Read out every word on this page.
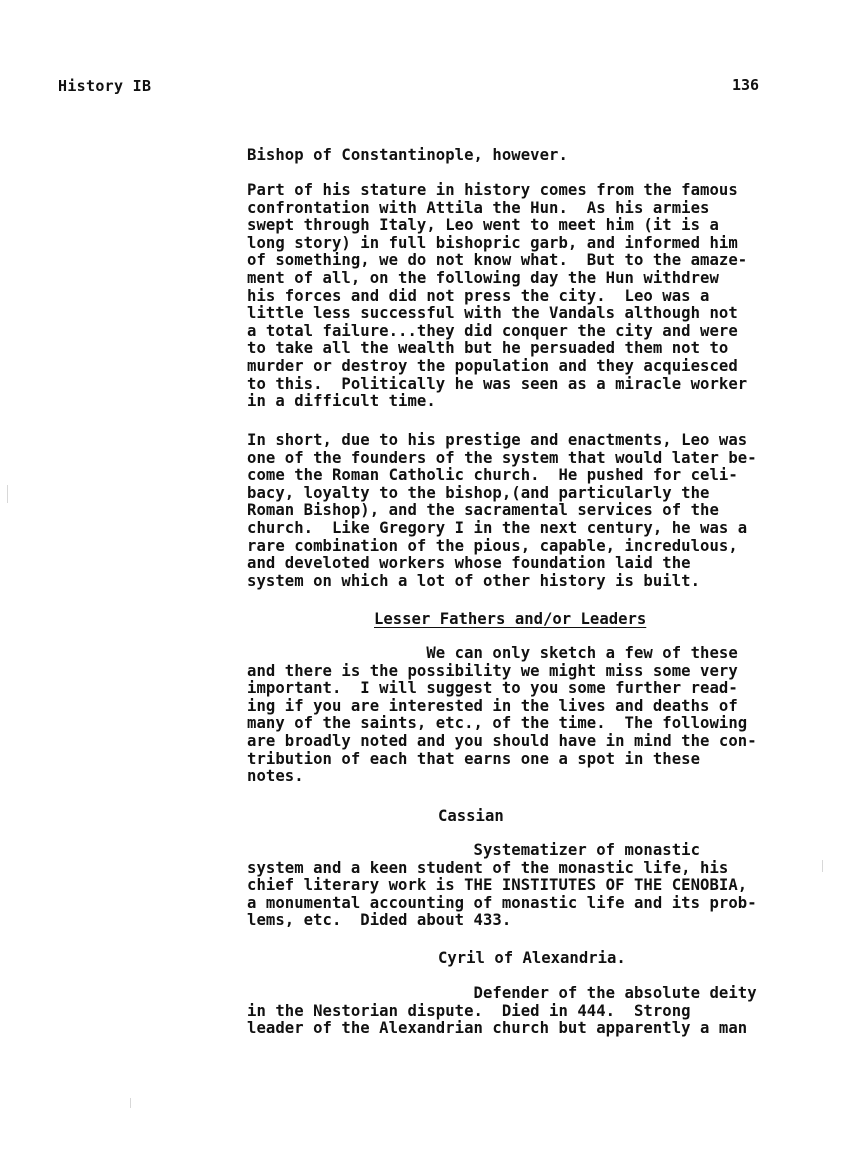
History IB	136
Bishop of Constantinople, however.
Part of his stature in history comes from the famous
confrontation with Attila the Hun.  As his armies
swept through Italy, Leo went to meet him (it is a
long story) in full bishopric garb, and informed him
of something, we do not know what.  But to the amaze-
ment of all, on the following day the Hun withdrew
his forces and did not press the city.  Leo was a
little less successful with the Vandals although not
a total failure...they did conquer the city and were
to take all the wealth but he persuaded them not to
murder or destroy the population and they acquiesced
to this.  Politically he was seen as a miracle worker
in a difficult time.
In short, due to his prestige and enactments, Leo was
one of the founders of the system that would later be-
come the Roman Catholic church.  He pushed for celi-
bacy, loyalty to the bishop,(and particularly the
Roman Bishop), and the sacramental services of the
church.  Like Gregory I in the next century, he was a
rare combination of the pious, capable, incredulous,
and develoted workers whose foundation laid the
system on which a lot of other history is built.
Lesser Fathers and/or Leaders
We can only sketch a few of these
and there is the possibility we might miss some very
important.  I will suggest to you some further read-
ing if you are interested in the lives and deaths of
many of the saints, etc., of the time.  The following
are broadly noted and you should have in mind the con-
tribution of each that earns one a spot in these
notes.
Cassian
Systematizer of monastic
system and a keen student of the monastic life, his
chief literary work is THE INSTITUTES OF THE CENOBIA,
a monumental accounting of monastic life and its prob-
lems, etc.  Dided about 433.
Cyril of Alexandria.
Defender of the absolute deity
in the Nestorian dispute.  Died in 444.  Strong
leader of the Alexandrian church but apparently a man
